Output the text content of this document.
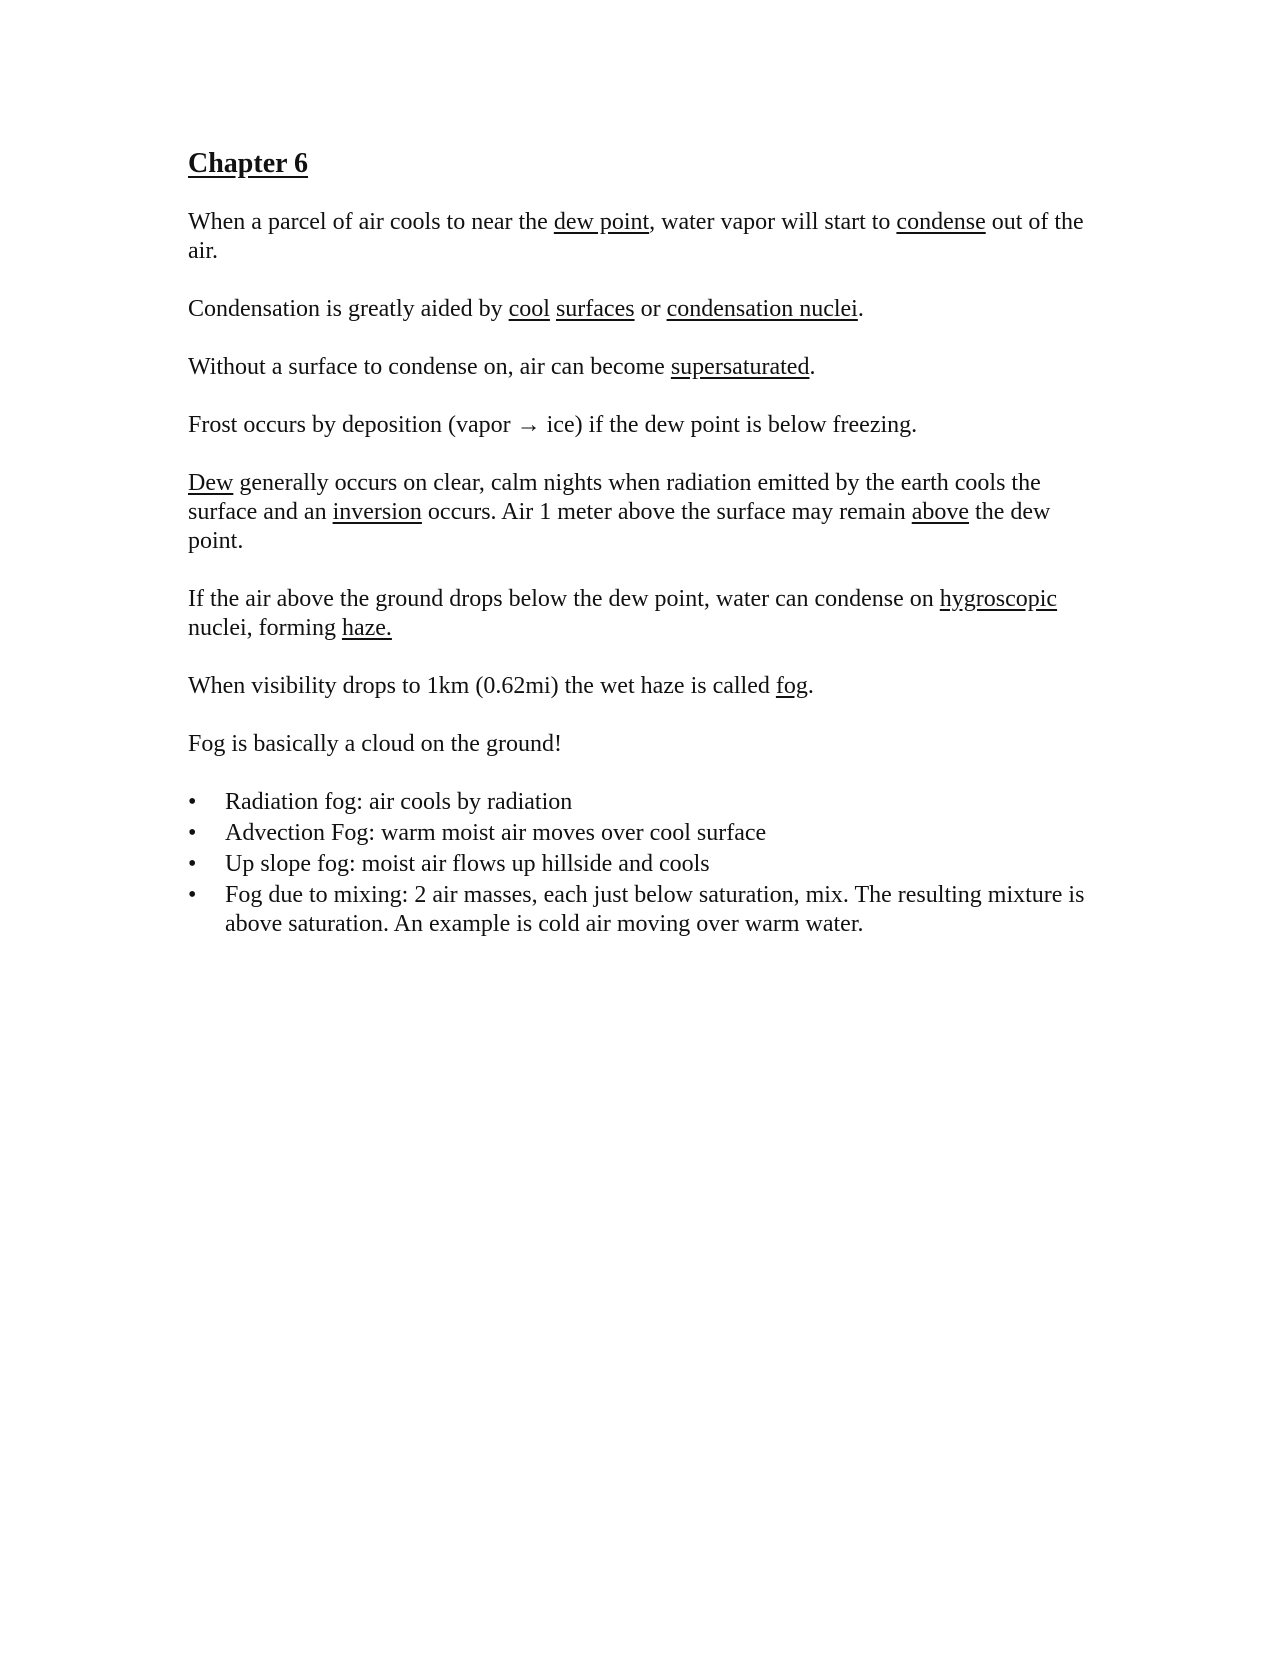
Chapter 6

When a parcel of air cools to near the dew point, water vapor will start to condense out of the air.

Condensation is greatly aided by cool surfaces or condensation nuclei.

Without a surface to condense on, air can become supersaturated.

Frost occurs by deposition (vapor → ice) if the dew point is below freezing.

Dew generally occurs on clear, calm nights when radiation emitted by the earth cools the surface and an inversion occurs. Air 1 meter above the surface may remain above the dew point.

If the air above the ground drops below the dew point, water can condense on hygroscopic nuclei, forming haze.

When visibility drops to 1km (0.62mi) the wet haze is called fog.

Fog is basically a cloud on the ground!

•	Radiation fog: air cools by radiation
•	Advection Fog: warm moist air moves over cool surface
•	Up slope fog: moist air flows up hillside and cools
•	Fog due to mixing: 2 air masses, each just below saturation, mix. The resulting mixture is above saturation. An example is cold air moving over warm water.
